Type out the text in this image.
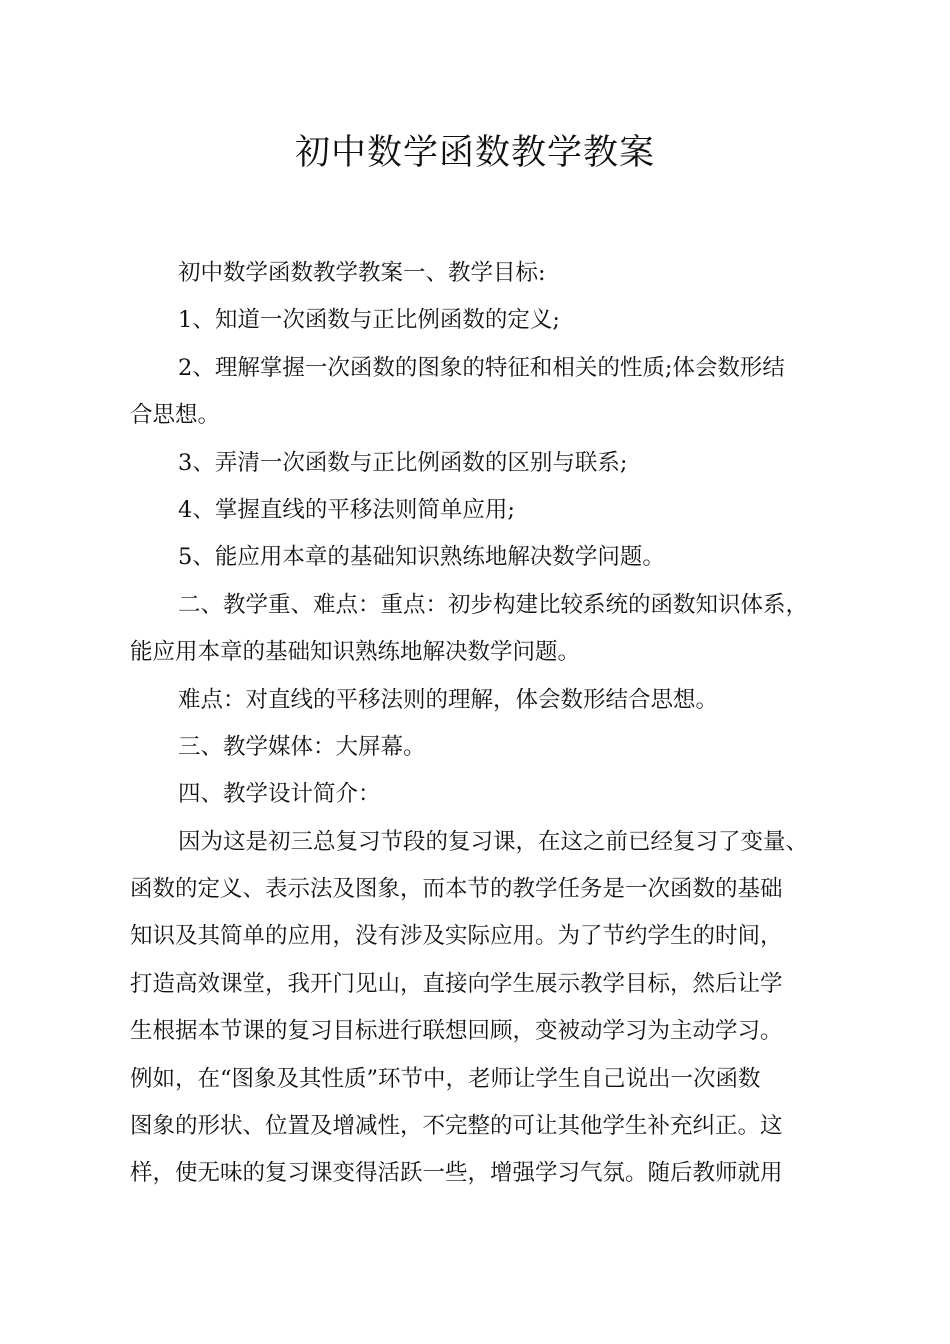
初中数学函数教学教案
初中数学函数教学教案一、教学目标:
1、知道一次函数与正比例函数的定义;
2、理解掌握一次函数的图象的特征和相关的性质;体会数形结
合思想。
3、弄清一次函数与正比例函数的区别与联系;
4、掌握直线的平移法则简单应用;
5、能应用本章的基础知识熟练地解决数学问题。
二、教学重、难点：重点：初步构建比较系统的函数知识体系，
能应用本章的基础知识熟练地解决数学问题。
难点：对直线的平移法则的理解，体会数形结合思想。
三、教学媒体：大屏幕。
四、教学设计简介：
因为这是初三总复习节段的复习课，在这之前已经复习了变量、
函数的定义、表示法及图象，而本节的教学任务是一次函数的基础
知识及其简单的应用，没有涉及实际应用。为了节约学生的时间，
打造高效课堂，我开门见山，直接向学生展示教学目标，然后让学
生根据本节课的复习目标进行联想回顾，变被动学习为主动学习。
例如，在“图象及其性质”环节中，老师让学生自己说出一次函数
图象的形状、位置及增减性，不完整的可让其他学生补充纠正。这
样，使无味的复习课变得活跃一些，增强学习气氛。随后教师就用
